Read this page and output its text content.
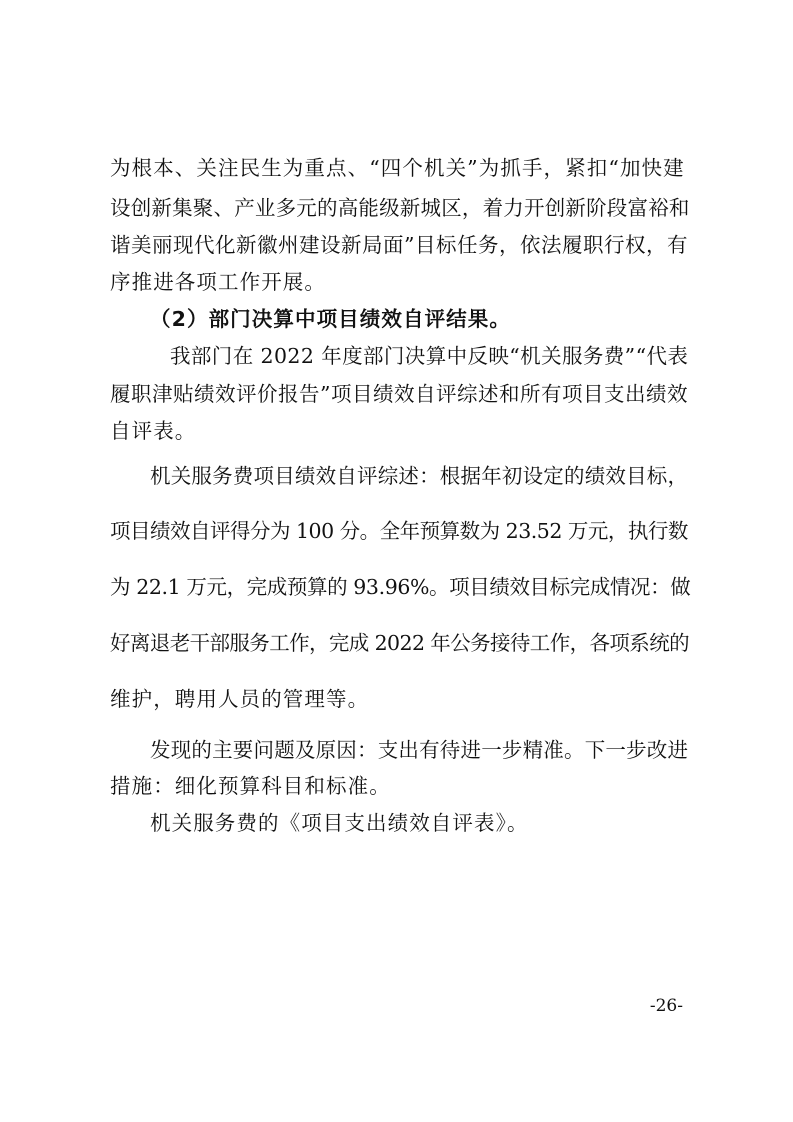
为根本、关注民生为重点、“四个机关”为抓手，紧扣“加快建

设创新集聚、产业多元的高能级新城区，着力开创新阶段富裕和

谐美丽现代化新徽州建设新局面”目标任务，依法履职行权，有

序推进各项工作开展。

（2）部门决算中项目绩效自评结果。

我部门在 2022 年度部门决算中反映“机关服务费”“代表

履职津贴绩效评价报告”项目绩效自评综述和所有项目支出绩效

自评表。

机关服务费项目绩效自评综述：根据年初设定的绩效目标，

项目绩效自评得分为 100 分。全年预算数为 23.52 万元，执行数

为 22.1 万元，完成预算的 93.96%。项目绩效目标完成情况：做

好离退老干部服务工作，完成 2022 年公务接待工作，各项系统的

维护，聘用人员的管理等。

发现的主要问题及原因：支出有待进一步精准。下一步改进

措施：细化预算科目和标准。

机关服务费的《项目支出绩效自评表》。

-26-
